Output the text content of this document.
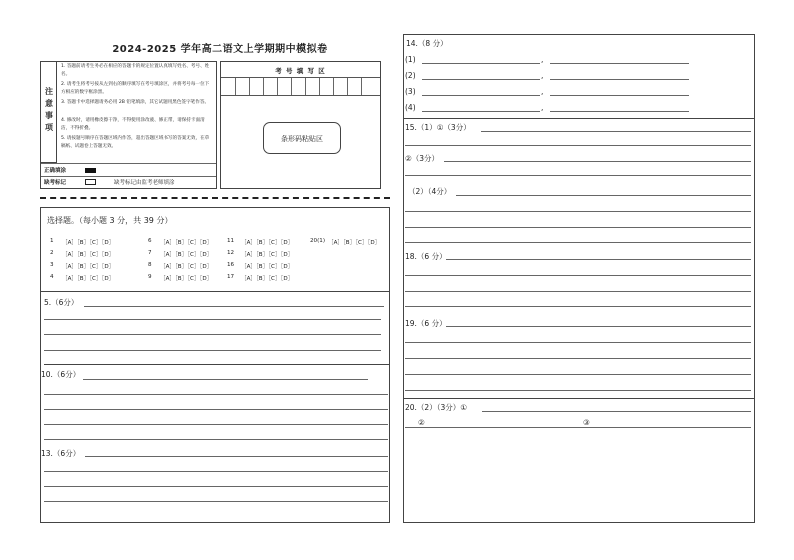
2024-2025 学年高二语文上学期期中模拟卷
注
意
事
项
1. 答题前请考生务必在相应的答题卡的规定位置认真填写姓名、考号、姓名。
2. 请考生将考号按从左到右的顺序填写在考号填涂区，并将考号每一位下方相应的数字框涂黑。
3. 答题卡中选择题请务必用 2B 铅笔填涂，其它试题用黑色签字笔作答。
4. 修改时，请用橡皮擦干净，不得使用涂改液、修正带，请保持卡面清洁，不得折叠。
5. 请按题号顺序在答题区域内作答，超出答题区域书写的答案无效，在草稿纸、试题卷上答题无效。
正确填涂
缺考标记	缺考标记由监考老师填涂
考 号 填 写 区
条形码粘贴区
选择题。（每小题 3 分，共 39 分）
1 ［A］［B］［C］［D］
2 ［A］［B］［C］［D］
3 ［A］［B］［C］［D］
4 ［A］［B］［C］［D］
6 ［A］［B］［C］［D］
7 ［A］［B］［C］［D］
8 ［A］［B］［C］［D］
9 ［A］［B］［C］［D］
11 ［A］［B］［C］［D］
12 ［A］［B］［C］［D］
16 ［A］［B］［C］［D］
17 ［A］［B］［C］［D］
20(1) ［A］［B］［C］［D］
5.（6分）
10.（6分）
13.（6分）
14.（8 分）
(1)	,
(2)	,
(3)	,
(4)	,
15.（1）①（3分）
②（3分）
（2）（4分）
18.（6 分）
19.（6 分）
20.（2）（3分）①
②	③
